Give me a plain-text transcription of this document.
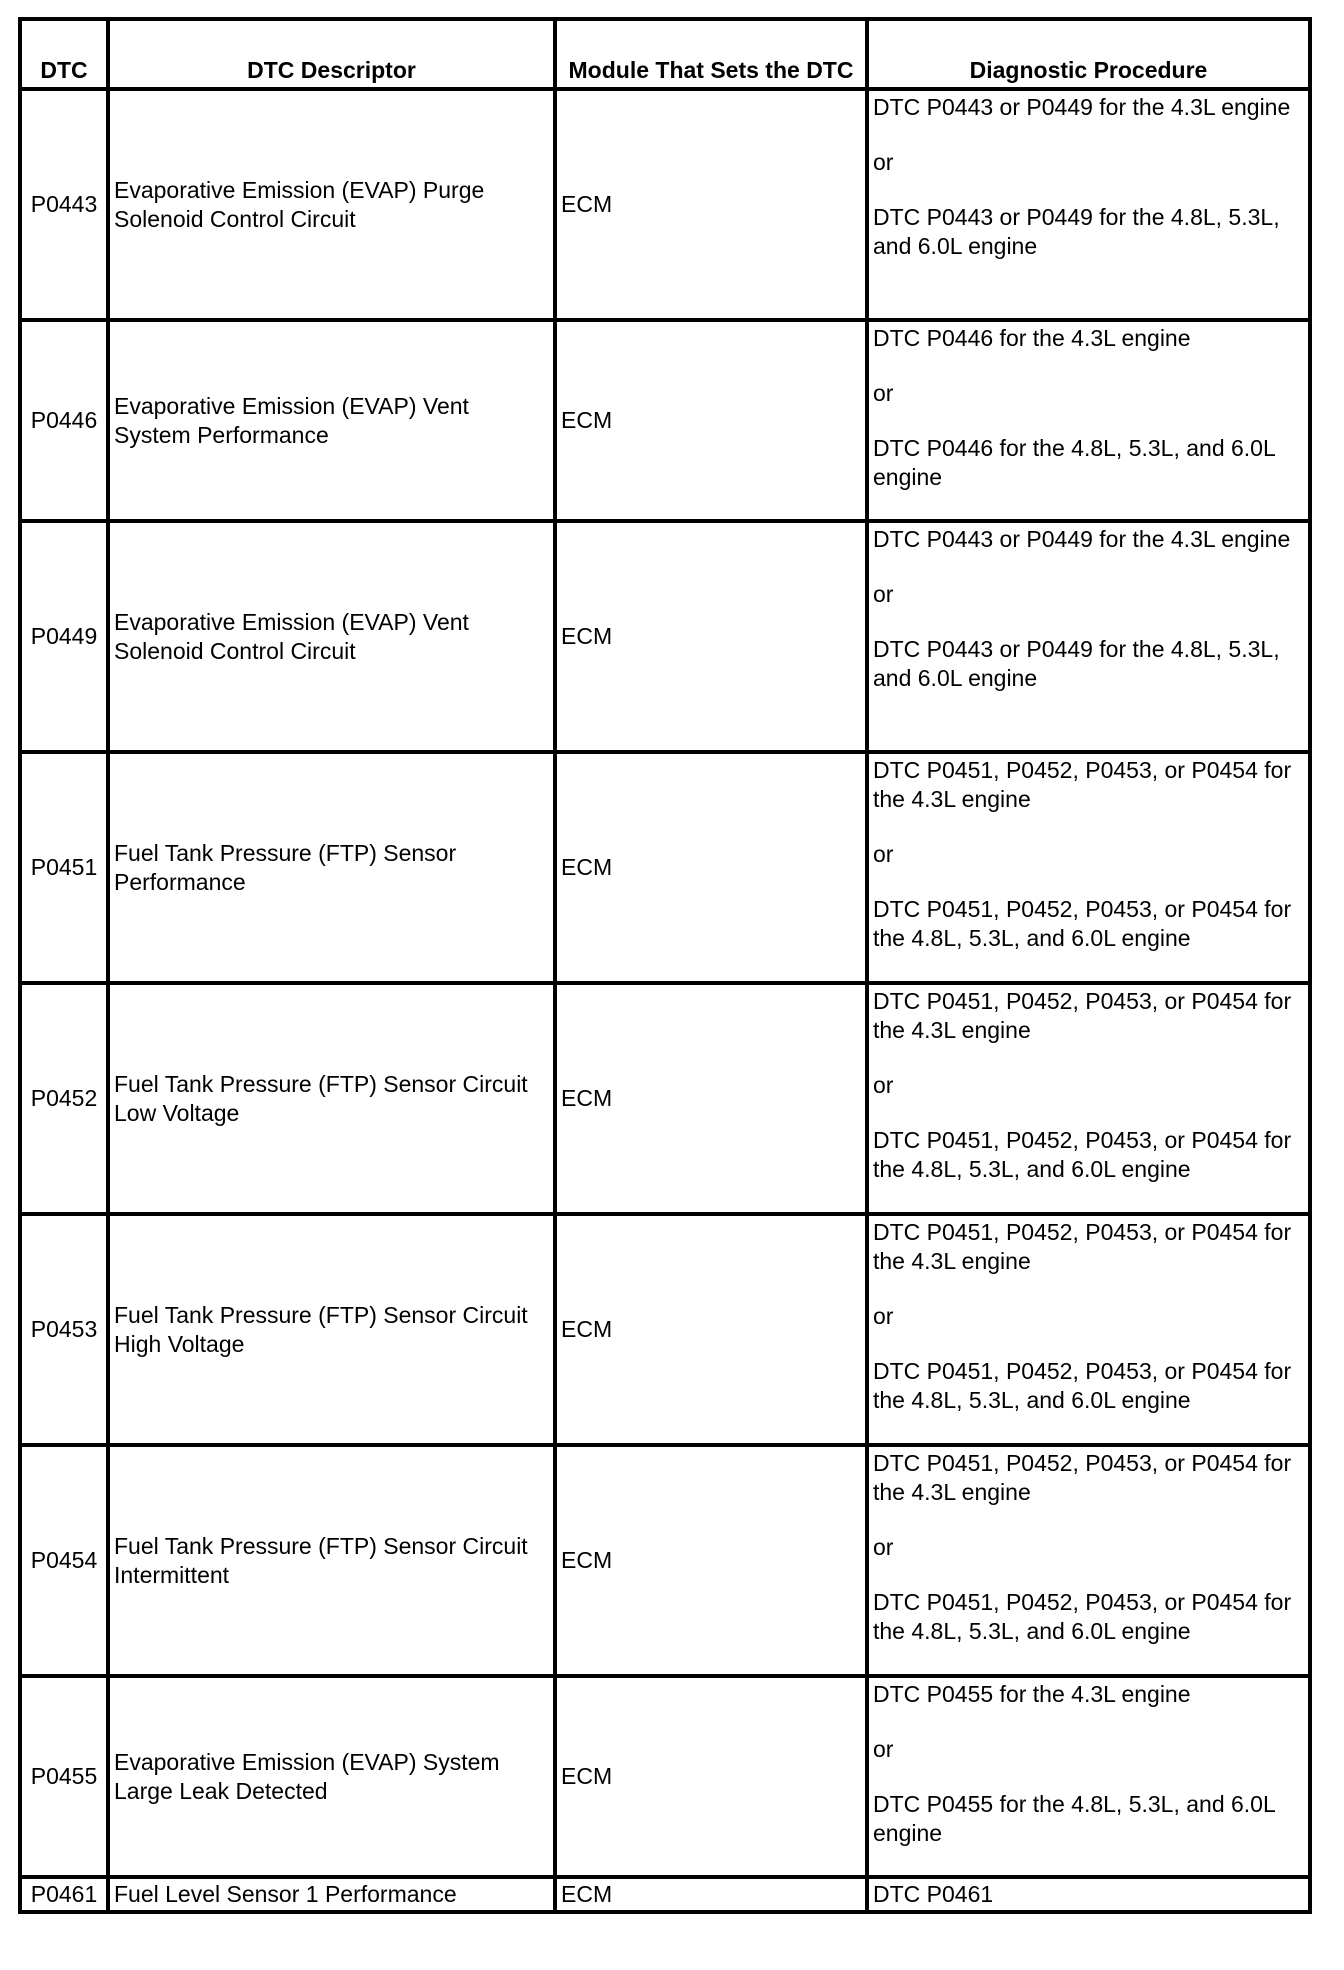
DTC	DTC Descriptor	Module That Sets the DTC	Diagnostic Procedure
P0443	Evaporative Emission (EVAP) Purge Solenoid Control Circuit	ECM	DTC P0443 or P0449 for the 4.3L engine
or
DTC P0443 or P0449 for the 4.8L, 5.3L, and 6.0L engine

P0446	Evaporative Emission (EVAP) Vent System Performance	ECM	DTC P0446 for the 4.3L engine
or
DTC P0446 for the 4.8L, 5.3L, and 6.0L engine

P0449	Evaporative Emission (EVAP) Vent Solenoid Control Circuit	ECM	DTC P0443 or P0449 for the 4.3L engine
or
DTC P0443 or P0449 for the 4.8L, 5.3L, and 6.0L engine

P0451	Fuel Tank Pressure (FTP) Sensor Performance	ECM	DTC P0451, P0452, P0453, or P0454 for the 4.3L engine
or
DTC P0451, P0452, P0453, or P0454 for the 4.8L, 5.3L, and 6.0L engine

P0452	Fuel Tank Pressure (FTP) Sensor Circuit Low Voltage	ECM	DTC P0451, P0452, P0453, or P0454 for the 4.3L engine
or
DTC P0451, P0452, P0453, or P0454 for the 4.8L, 5.3L, and 6.0L engine

P0453	Fuel Tank Pressure (FTP) Sensor Circuit High Voltage	ECM	DTC P0451, P0452, P0453, or P0454 for the 4.3L engine
or
DTC P0451, P0452, P0453, or P0454 for the 4.8L, 5.3L, and 6.0L engine

P0454	Fuel Tank Pressure (FTP) Sensor Circuit Intermittent	ECM	DTC P0451, P0452, P0453, or P0454 for the 4.3L engine
or
DTC P0451, P0452, P0453, or P0454 for the 4.8L, 5.3L, and 6.0L engine

P0455	Evaporative Emission (EVAP) System Large Leak Detected	ECM	DTC P0455 for the 4.3L engine
or
DTC P0455 for the 4.8L, 5.3L, and 6.0L engine

P0461	Fuel Level Sensor 1 Performance	ECM	DTC P0461
